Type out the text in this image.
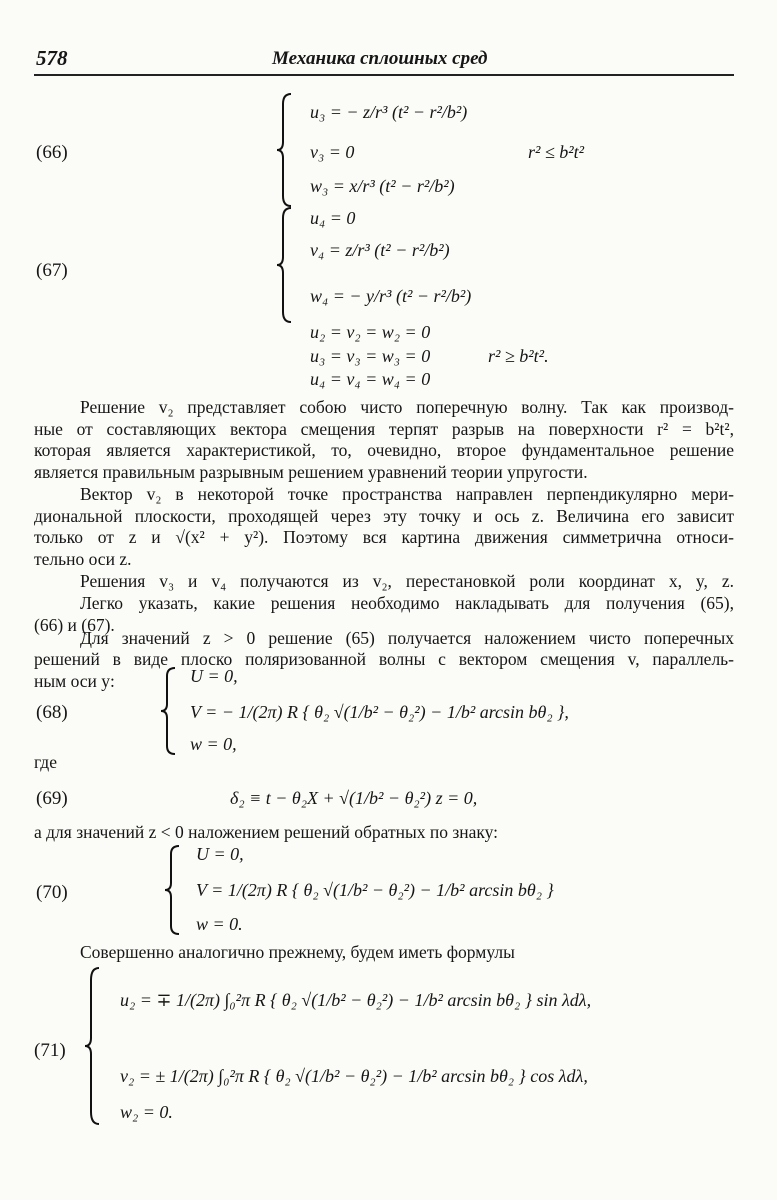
578	Механика сплошных сред
(66)
u₃ = − z/r³ (t² − r²/b²)
v₃ = 0
w₃ = x/r³ (t² − r²/b²)
r² ≤ b²t²
(67)
u₄ = 0
v₄ = z/r³ (t² − r²/b²)
w₄ = − y/r³ (t² − r²/b²)
u₂ = v₂ = w₂ = 0
u₃ = v₃ = w₃ = 0
u₄ = v₄ = w₄ = 0
r² ≥ b²t².
Решение v₂ представляет собою чисто поперечную волну. Так как производ-
ные от составляющих вектора смещения терпят разрыв на поверхности r² = b²t²,
которая является характеристикой, то, очевидно, второе фундаментальное решение
является правильным разрывным решением уравнений теории упругости.
Вектор v₂ в некоторой точке пространства направлен перпендикулярно мери-
диональной плоскости, проходящей через эту точку и ось z. Величина его зависит
только от z и √(x² + y²). Поэтому вся картина движения симметрична относи-
тельно оси z.
Решения v₃ и v₄ получаются из v₂, перестановкой роли координат x, y, z.
Легко указать, какие решения необходимо накладывать для получения (65),
(66) и (67).
Для значений z > 0 решение (65) получается наложением чисто поперечных
решений в виде плоско поляризованной волны с вектором смещения v, параллель-
ным оси y:
(68)
U = 0,
V = − 1/(2π) R { θ₂ √(1/b² − θ₂²) − 1/b² arcsin bθ₂ },
w = 0,
где
(69)	δ₂ ≡ t − θ₂X + √(1/b² − θ₂²) z = 0,
а для значений z < 0 наложением решений обратных по знаку:
(70)
U = 0,
V = 1/(2π) R { θ₂ √(1/b² − θ₂²) − 1/b² arcsin bθ₂ }
w = 0.
Совершенно аналогично прежнему, будем иметь формулы
(71)
u₂ = ∓ 1/(2π) ∫₀²π R { θ₂ √(1/b² − θ₂²) − 1/b² arcsin bθ₂ } sin λdλ,
v₂ = ± 1/(2π) ∫₀²π R { θ₂ √(1/b² − θ₂²) − 1/b² arcsin bθ₂ } cos λdλ,
w₂ = 0.
